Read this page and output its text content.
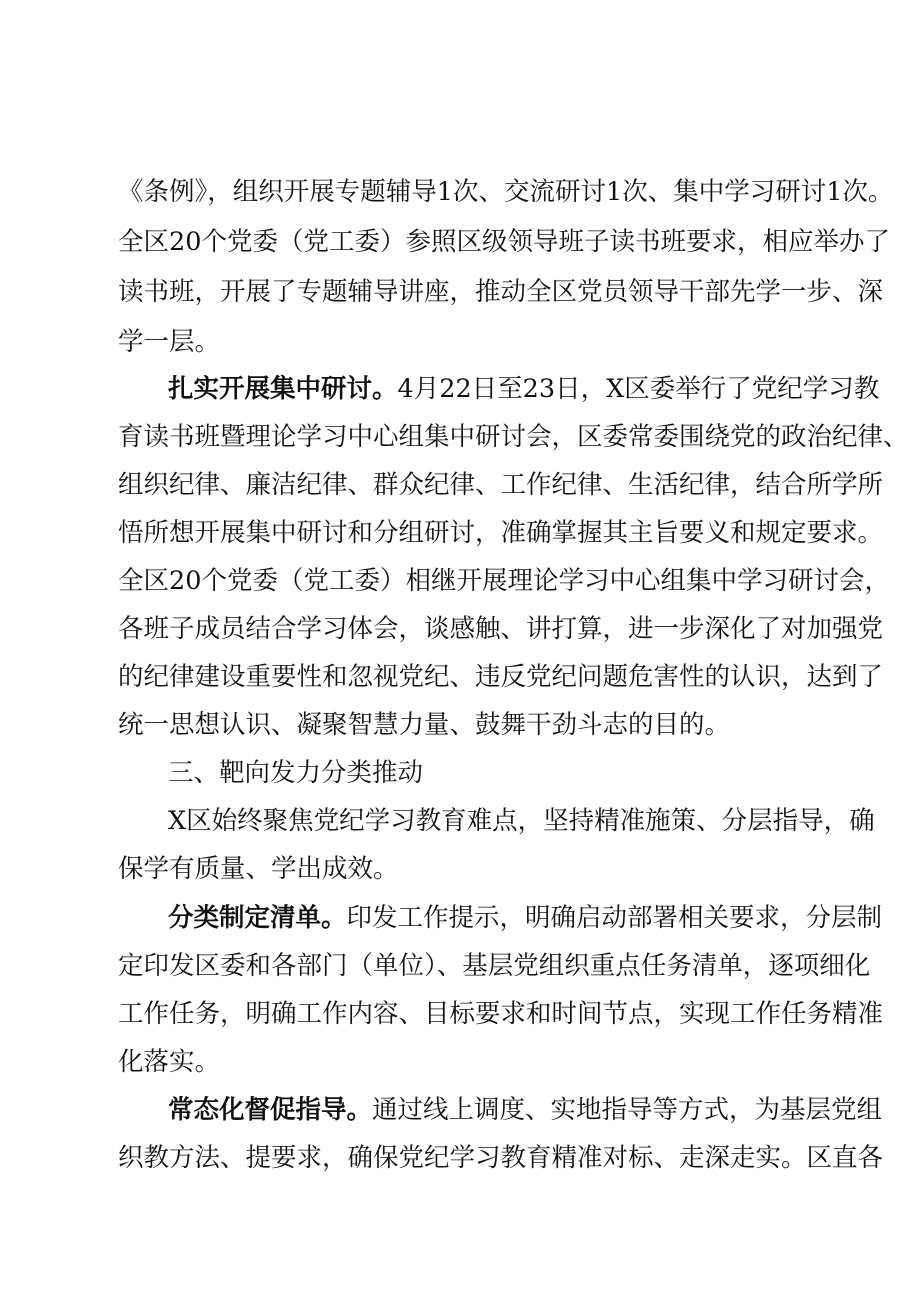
《条例》，组织开展专题辅导1次、交流研讨1次、集中学习研讨1次。
全区20个党委（党工委）参照区级领导班子读书班要求，相应举办了
读书班，开展了专题辅导讲座，推动全区党员领导干部先学一步、深
学一层。
扎实开展集中研讨。4月22日至23日，X区委举行了党纪学习教
育读书班暨理论学习中心组集中研讨会，区委常委围绕党的政治纪律、
组织纪律、廉洁纪律、群众纪律、工作纪律、生活纪律，结合所学所
悟所想开展集中研讨和分组研讨，准确掌握其主旨要义和规定要求。
全区20个党委（党工委）相继开展理论学习中心组集中学习研讨会，
各班子成员结合学习体会，谈感触、讲打算，进一步深化了对加强党
的纪律建设重要性和忽视党纪、违反党纪问题危害性的认识，达到了
统一思想认识、凝聚智慧力量、鼓舞干劲斗志的目的。
三、靶向发力分类推动
X区始终聚焦党纪学习教育难点，坚持精准施策、分层指导，确
保学有质量、学出成效。
分类制定清单。印发工作提示，明确启动部署相关要求，分层制
定印发区委和各部门（单位）、基层党组织重点任务清单，逐项细化
工作任务，明确工作内容、目标要求和时间节点，实现工作任务精准
化落实。
常态化督促指导。通过线上调度、实地指导等方式，为基层党组
织教方法、提要求，确保党纪学习教育精准对标、走深走实。区直各
